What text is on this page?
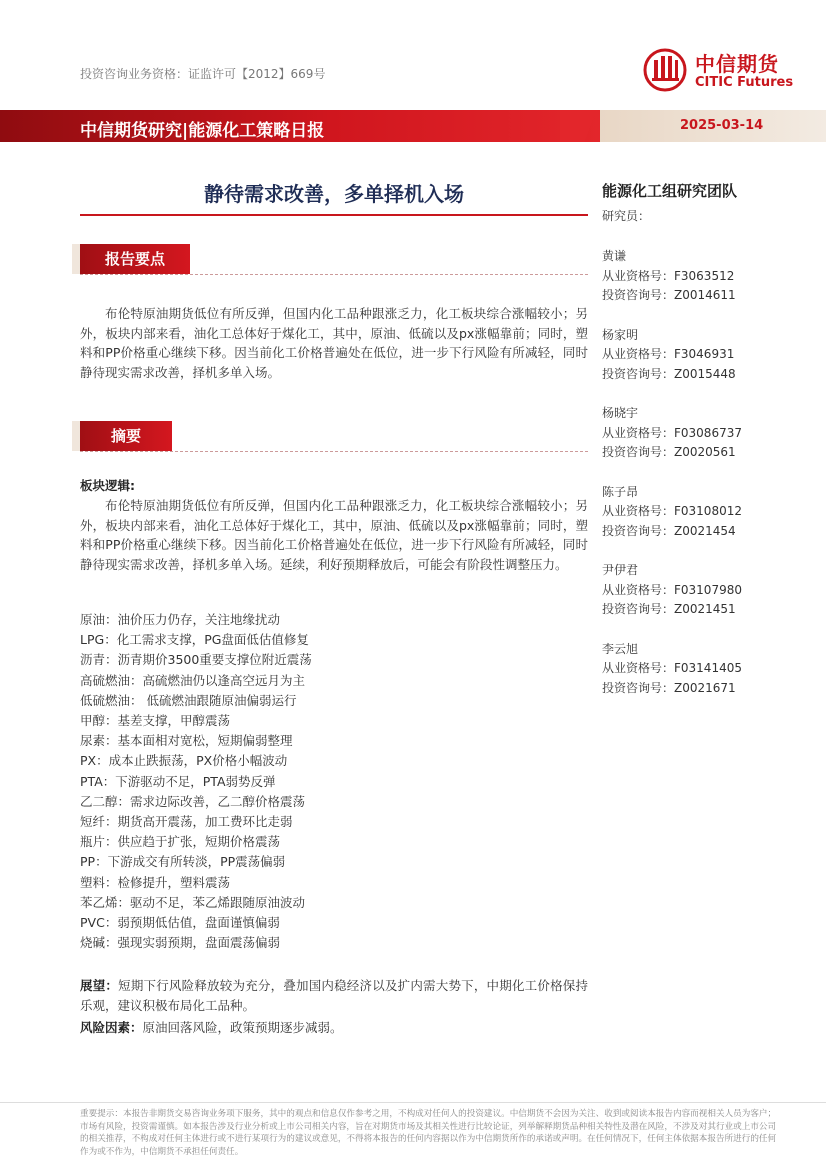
投资咨询业务资格：证监许可【2012】669号	中信期货
CITIC Futures
中信期货研究|能源化工策略日报	2025-03-14
静待需求改善，多单择机入场
报告要点
布伦特原油期货低位有所反弹，但国内化工品种跟涨乏力，化工板块综合涨幅较小；另外，板块内部来看，油化工总体好于煤化工，其中，原油、低硫以及px涨幅靠前；同时，塑料和PP价格重心继续下移。因当前化工价格普遍处在低位，进一步下行风险有所减轻，同时静待现实需求改善，择机多单入场。
摘要
板块逻辑:
布伦特原油期货低位有所反弹，但国内化工品种跟涨乏力，化工板块综合涨幅较小；另外，板块内部来看，油化工总体好于煤化工，其中，原油、低硫以及px涨幅靠前；同时，塑料和PP价格重心继续下移。因当前化工价格普遍处在低位，进一步下行风险有所减轻，同时静待现实需求改善，择机多单入场。延续，利好预期释放后，可能会有阶段性调整压力。
原油：油价压力仍存，关注地缘扰动
LPG：化工需求支撑，PG盘面低估值修复
沥青：沥青期价3500重要支撑位附近震荡
高硫燃油：高硫燃油仍以逢高空远月为主
低硫燃油： 低硫燃油跟随原油偏弱运行
甲醇：基差支撑，甲醇震荡
尿素：基本面相对宽松，短期偏弱整理
PX：成本止跌振荡，PX价格小幅波动
PTA：下游驱动不足，PTA弱势反弹
乙二醇：需求边际改善，乙二醇价格震荡
短纤：期货高开震荡，加工费环比走弱
瓶片：供应趋于扩张，短期价格震荡
PP：下游成交有所转淡，PP震荡偏弱
塑料：检修提升，塑料震荡
苯乙烯：驱动不足，苯乙烯跟随原油波动
PVC：弱预期低估值，盘面谨慎偏弱
烧碱：强现实弱预期，盘面震荡偏弱
展望：短期下行风险释放较为充分，叠加国内稳经济以及扩内需大势下，中期化工价格保持乐观，建议积极布局化工品种。
风险因素：原油回落风险，政策预期逐步减弱。
能源化工组研究团队
研究员：
黄谦
从业资格号：F3063512
投资咨询号：Z0014611
杨家明
从业资格号：F3046931
投资咨询号：Z0015448
杨晓宇
从业资格号：F03086737
投资咨询号：Z0020561
陈子昂
从业资格号：F03108012
投资咨询号：Z0021454
尹伊君
从业资格号：F03107980
投资咨询号：Z0021451
李云旭
从业资格号：F03141405
投资咨询号：Z0021671
重要提示：本报告非期货交易咨询业务项下服务，其中的观点和信息仅作参考之用，不构成对任何人的投资建议。中信期货不会因为关注、收到或阅读本报告内容而视相关人员为客户；市场有风险，投资需谨慎。如本报告涉及行业分析或上市公司相关内容，旨在对期货市场及其相关性进行比较论证，列举解释期货品种相关特性及潜在风险，不涉及对其行业或上市公司的相关推荐，不构成对任何主体进行或不进行某项行为的建议或意见，不得将本报告的任何内容据以作为中信期货所作的承诺或声明。在任何情况下，任何主体依据本报告所进行的任何作为或不作为，中信期货不承担任何责任。
